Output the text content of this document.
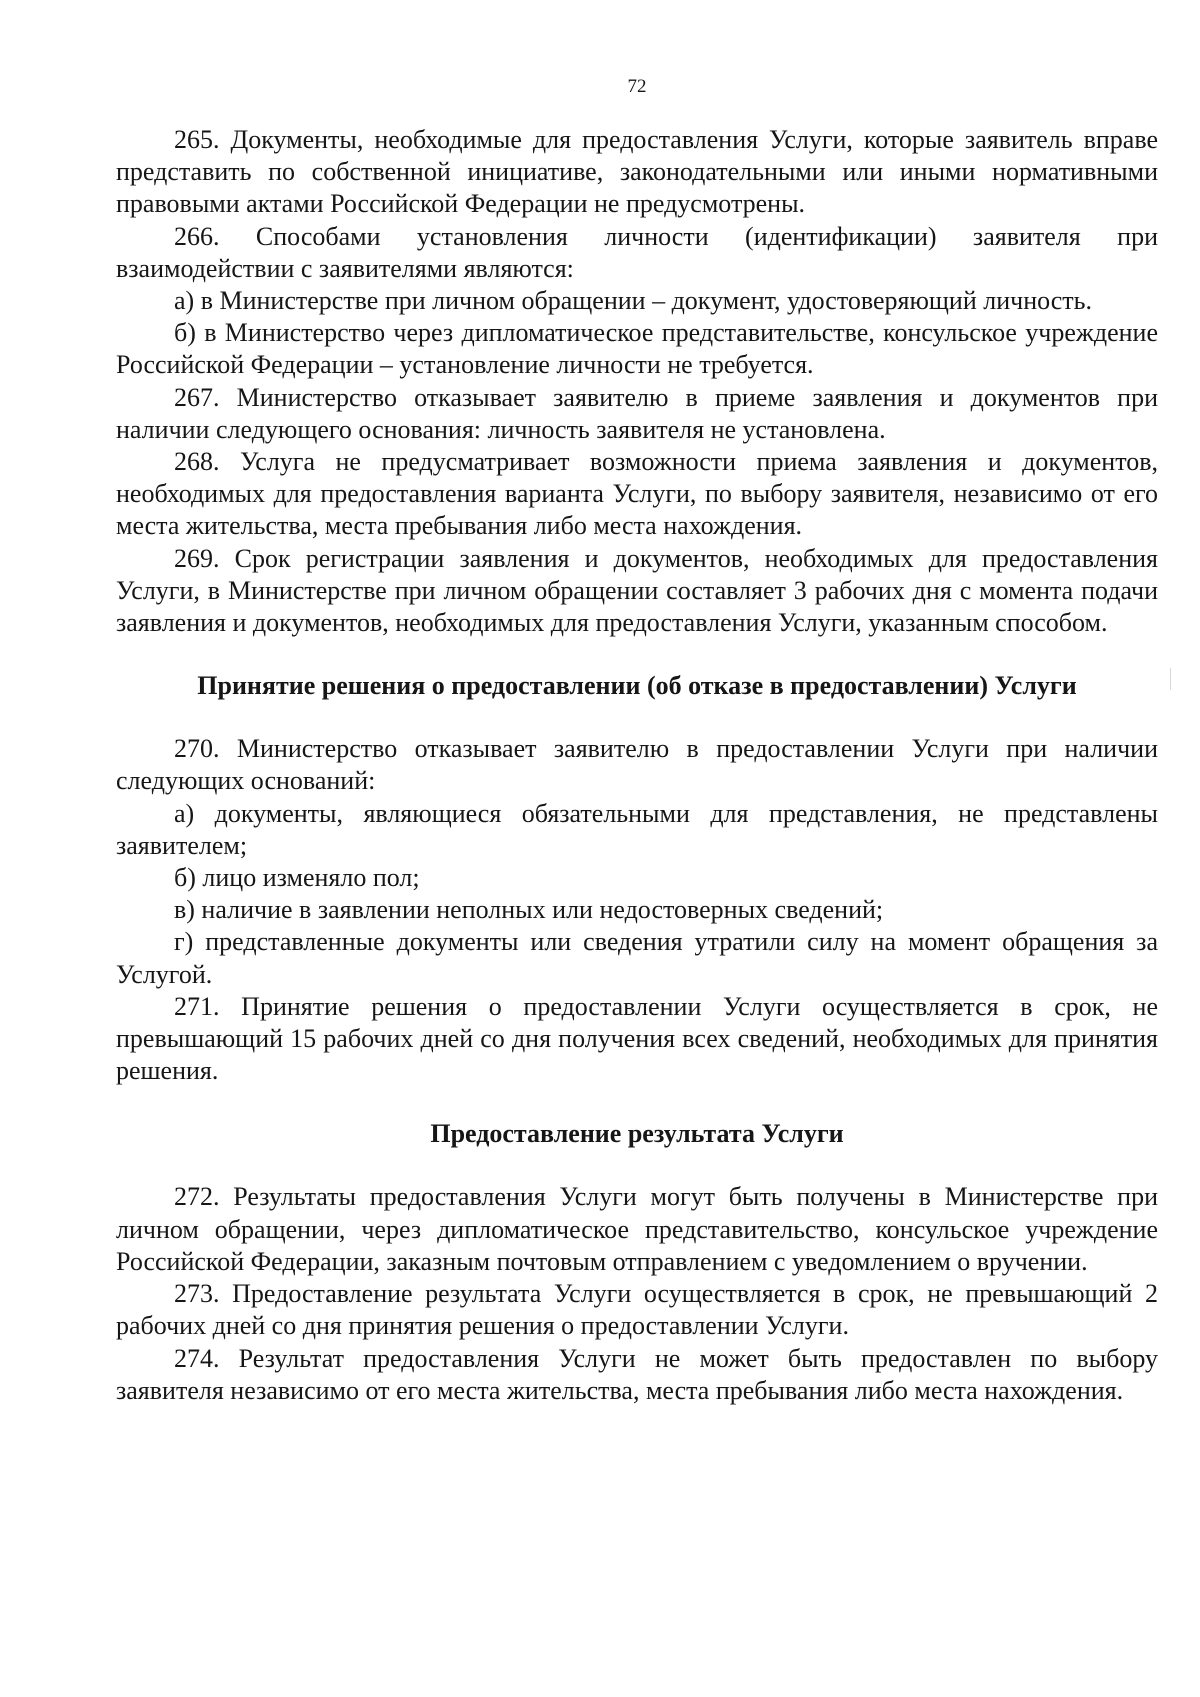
72

265. Документы, необходимые для предоставления Услуги, которые заявитель вправе представить по собственной инициативе, законодательными или иными нормативными правовыми актами Российской Федерации не предусмотрены.

266. Способами установления личности (идентификации) заявителя при взаимодействии с заявителями являются:

а) в Министерстве при личном обращении – документ, удостоверяющий личность.

б) в Министерство через дипломатическое представительстве, консульское учреждение Российской Федерации – установление личности не требуется.

267. Министерство отказывает заявителю в приеме заявления и документов при наличии следующего основания: личность заявителя не установлена.

268. Услуга не предусматривает возможности приема заявления и документов, необходимых для предоставления варианта Услуги, по выбору заявителя, независимо от его места жительства, места пребывания либо места нахождения.

269. Срок регистрации заявления и документов, необходимых для предоставления Услуги, в Министерстве при личном обращении составляет 3 рабочих дня с момента подачи заявления и документов, необходимых для предоставления Услуги, указанным способом.

Принятие решения о предоставлении (об отказе в предоставлении) Услуги

270. Министерство отказывает заявителю в предоставлении Услуги при наличии следующих оснований:

а) документы, являющиеся обязательными для представления, не представлены заявителем;

б) лицо изменяло пол;

в) наличие в заявлении неполных или недостоверных сведений;

г) представленные документы или сведения утратили силу на момент обращения за Услугой.

271. Принятие решения о предоставлении Услуги осуществляется в срок, не превышающий 15 рабочих дней со дня получения всех сведений, необходимых для принятия решения.

Предоставление результата Услуги

272. Результаты предоставления Услуги могут быть получены в Министерстве при личном обращении, через дипломатическое представительство, консульское учреждение Российской Федерации, заказным почтовым отправлением с уведомлением о вручении.

273. Предоставление результата Услуги осуществляется в срок, не превышающий 2 рабочих дней со дня принятия решения о предоставлении Услуги.

274. Результат предоставления Услуги не может быть предоставлен по выбору заявителя независимо от его места жительства, места пребывания либо места нахождения.
